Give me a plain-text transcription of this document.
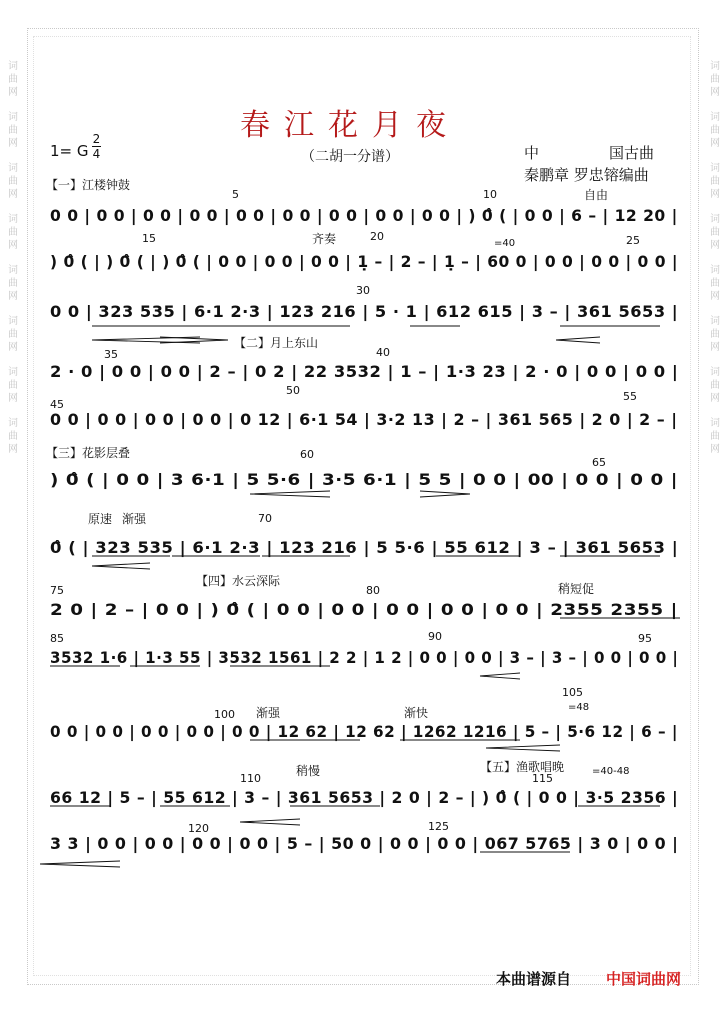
词
曲
网
词
曲
网
词
曲
网
词
曲
网
词
曲
网
词
曲
网
词
曲
网
词
曲
网
词
曲
网
词
曲
网
词
曲
网
词
曲
网
词
曲
网
词
曲
网
词
曲
网
词
曲
网
春江花月夜
（二胡一分谱）
1= G
2
4	中	国古曲
秦鹏章 罗忠镕编曲
【一】江楼钟鼓
【二】月上东山
【三】花影层叠
【四】水云深际
【五】渔歌唱晚
自由
齐奏	=40
原速 渐强
稍短促
渐强	渐快	=48
稍慢	=40-48
5	10
15	20	25
30
35	40
45
50	55
60
65
70
75	80
85	90	95
100
105
110	115
120	125
0 0 | 0 0 | 0 0 | 0 0 | 0 0 | 0 0 | 0 0 | 0 0 | 0 0 | ) 0̂ ( | 0 0 | 6 – | 12 20 |
) 0̂ ( | ) 0̂ ( | ) 0̂ ( | 0 0 | 0 0 | 0 0 | 1̣ – | 2 – | 1̣ – | 60 0 | 0 0 | 0 0 | 0 0 |
0 0 | 323 535 | 6·1 2·3 | 123 216 | 5 · 1 | 612 615 | 3 – | 361 5653 |
2 · 0 | 0 0 | 0 0 | 2 – | 0 2 | 22 3532 | 1 – | 1·3 23 | 2 · 0 | 0 0 | 0 0 |
0 0 | 0 0 | 0 0 | 0 0 | 0 12 | 6·1 54 | 3·2 13 | 2 – | 361 565 | 2 0 | 2 – |
) 0̂ ( | 0 0 | 3 6·1 | 5 5·6 | 3·5 6·1 | 5 5 | 0 0 | 00 | 0 0 | 0 0 |
0̂ ( | 323 535 | 6·1 2·3 | 123 216 | 5 5·6 | 55 612 | 3 – | 361 5653 |
2 0 | 2 – | 0 0 | ) 0̂ ( | 0 0 | 0 0 | 0 0 | 0 0 | 0 0 | 2355 2355 |
3532 1·6 | 1·3 55 | 3532 1561 | 2 2 | 1 2 | 0 0 | 0 0 | 3 – | 3 – | 0 0 | 0 0 |
0 0 | 0 0 | 0 0 | 0 0 | 0 0 | 12 62 | 12 62 | 1262 1216 | 5 – | 5·6 12 | 6 – |
66 12 | 5 – | 55 612 | 3 – | 361 5653 | 2 0 | 2 – | ) 0̂ ( | 0 0 | 3·5 2356 |
3 3 | 0 0 | 0 0 | 0 0 | 0 0 | 5 – | 50 0 | 0 0 | 0 0 | 067 5765 | 3 0 | 0 0 |
本曲谱源自 中国词曲网
